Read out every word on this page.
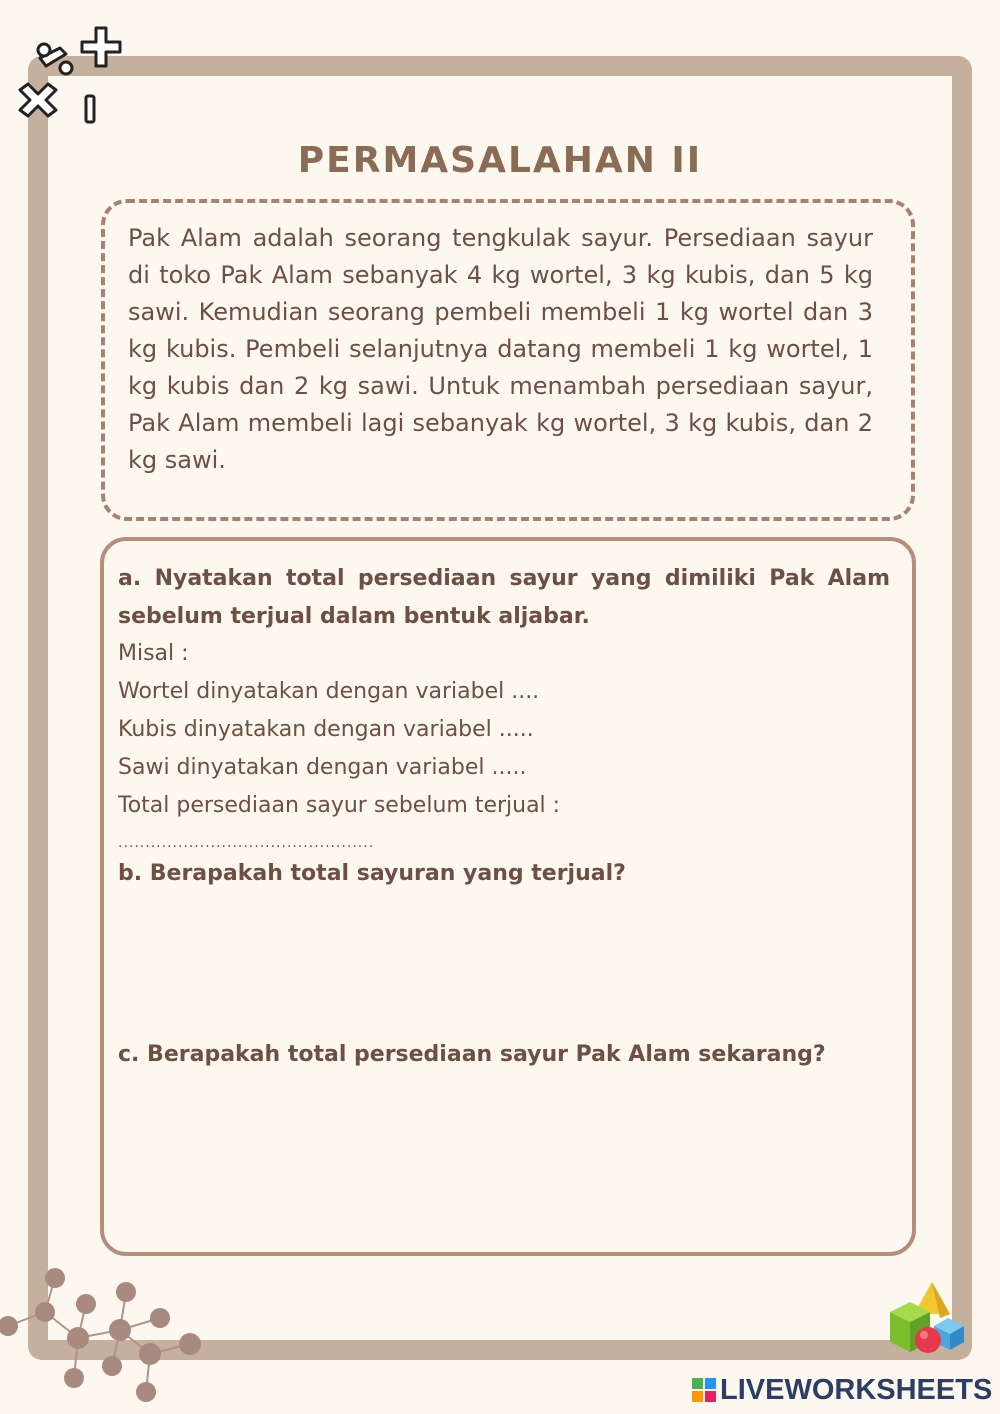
PERMASALAHAN II
Pak Alam adalah seorang tengkulak sayur. Persediaan sayur di toko Pak Alam sebanyak 4 kg wortel, 3 kg kubis, dan 5 kg sawi. Kemudian seorang pembeli membeli 1 kg wortel dan 3 kg kubis. Pembeli selanjutnya datang membeli 1 kg wortel, 1 kg kubis dan 2 kg sawi. Untuk menambah persediaan sayur, Pak Alam membeli lagi sebanyak kg wortel, 3 kg kubis, dan 2 kg sawi.
a. Nyatakan total persediaan sayur yang dimiliki Pak Alam sebelum terjual dalam bentuk aljabar.
Misal :
Wortel dinyatakan dengan variabel ....
Kubis dinyatakan dengan variabel .....
Sawi dinyatakan dengan variabel .....
Total persediaan sayur sebelum terjual :
...............................................
b. Berapakah total sayuran yang terjual?
c. Berapakah total persediaan sayur Pak Alam sekarang?
LIVEWORKSHEETS
